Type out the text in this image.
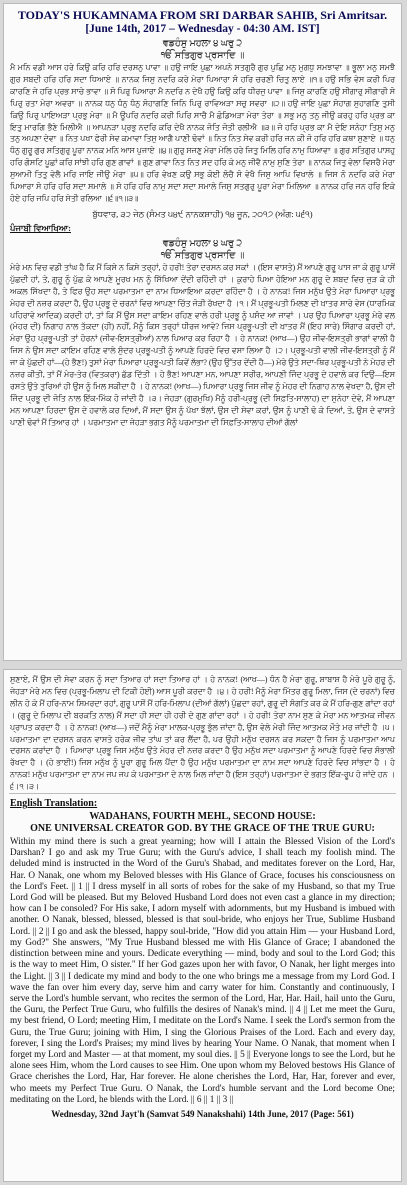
TODAY'S HUKAMNAMA FROM SRI DARBAR SAHIB, Sri Amritsar.
[June 14th, 2017 – Wednesday - 04:30 AM. IST]
ਵਡਹੰਸੁ ਮਹਲਾ ੪ ਘਰੁ ੨
ੴ ਸਤਿਗੁਰ ਪ੍ਰਸਾਦਿ ॥
ਮੈ ਮਨਿ ਵਡੀ ਆਸ ਹਰੇ ਕਿਉ ਕਰਿ ਹਰਿ ਦਰਸਨੁ ਪਾਵਾ ॥ ਹਉ ਜਾਇ ਪੁਛਾ ਅਪਨੇ ਸਤਗੁਰੈ ਗੁਰ ਪੁਛਿ ਮਨੁ ਮੁਗਧੁ ਸਮਝਾਵਾ ॥ ਭੂਲਾ ਮਨੁ ਸਮਝੈ ਗੁਰ ਸਬਦੀ ਹਰਿ ਹਰਿ ਸਦਾ ਧਿਆਏ ॥ ਨਾਨਕ ਜਿਸੁ ਨਦਰਿ ਕਰੇ ਮੇਰਾ ਪਿਆਰਾ ਸੋ ਹਰਿ ਚਰਣੀ ਚਿਤੁ ਲਾਏ ॥੧॥ ਹਉ ਸਭਿ ਵੇਸ ਕਰੀ ਪਿਰ ਕਾਰਣਿ ਜੇ ਹਰਿ ਪ੍ਰਭ ਸਾਚੇ ਭਾਵਾ ॥ ਸੋ ਪਿਰੁ ਪਿਆਰਾ ਮੈ ਨਦਰਿ ਨ ਦੇਖੈ ਹਉ ਕਿਉ ਕਰਿ ਧੀਰਜੁ ਪਾਵਾ ॥ ਜਿਸੁ ਕਾਰਣਿ ਹਉ ਸੀਗਾਰੁ ਸੀਗਾਰੀ ਸੋ ਪਿਰੁ ਰਤਾ ਮੇਰਾ ਅਵਰਾ ॥ ਨਾਨਕ ਧਨੁ ਧੰਨੁ ਧੰਨੁ ਸੋਹਾਗਣਿ ਜਿਨਿ ਪਿਰੁ ਰਾਵਿਅੜਾ ਸਚੁ ਸਵਰਾ ॥੨॥ ਹਉ ਜਾਇ ਪੁਛਾ ਸੋਹਾਗ ਸੁਹਾਗਣਿ ਤੁਸੀ ਕਿਉ ਪਿਰੁ ਪਾਇਅੜਾ ਪ੍ਰਭੁ ਮੇਰਾ ॥ ਮੈ ਊਪਰਿ ਨਦਰਿ ਕਰੀ ਪਿਰਿ ਸਾਚੈ ਮੈ ਛੋਡਿਅੜਾ ਮੇਰਾ ਤੇਰਾ ॥ ਸਭੁ ਮਨੁ ਤਨੁ ਜੀਉ ਕਰਹੁ ਹਰਿ ਪ੍ਰਭ ਕਾ ਇਤੁ ਮਾਰਗਿ ਭੈਣੇ ਮਿਲੀਐ ॥ ਆਪਨੜਾ ਪ੍ਰਭੁ ਨਦਰਿ ਕਰਿ ਦੇਖੈ ਨਾਨਕ ਜੋਤਿ ਜੋਤੀ ਰਲੀਐ ॥੩॥ ਜੋ ਹਰਿ ਪ੍ਰਭ ਕਾ ਮੈ ਦੇਇ ਸਨੇਹਾ ਤਿਸੁ ਮਨੁ ਤਨੁ ਅਪਣਾ ਦੇਵਾ ॥ ਨਿਤ ਪਖਾ ਫੇਰੀ ਸੇਵ ਕਮਾਵਾ ਤਿਸੁ ਆਗੈ ਪਾਣੀ ਢੋਵਾਂ ॥ ਨਿਤ ਨਿਤ ਸੇਵ ਕਰੀ ਹਰਿ ਜਨ ਕੀ ਜੋ ਹਰਿ ਹਰਿ ਕਥਾ ਸੁਣਾਏ ॥ ਧਨੁ ਧੰਨੁ ਗੁਰੂ ਗੁਰ ਸਤਿਗੁਰੁ ਪੂਰਾ ਨਾਨਕ ਮਨਿ ਆਸ ਪੁਜਾਏ ॥੪॥ ਗੁਰੁ ਸਜਣੁ ਮੇਰਾ ਮੇਲਿ ਹਰੇ ਜਿਤੁ ਮਿਲਿ ਹਰਿ ਨਾਮੁ ਧਿਆਵਾ ॥ ਗੁਰ ਸਤਿਗੁਰ ਪਾਸਹੁ ਹਰਿ ਗੋਸਟਿ ਪੂਛਾਂ ਕਰਿ ਸਾਂਝੀ ਹਰਿ ਗੁਣ ਗਾਵਾਂ ॥ ਗੁਣ ਗਾਵਾ ਨਿਤ ਨਿਤ ਸਦ ਹਰਿ ਕੇ ਮਨੁ ਜੀਵੈ ਨਾਮੁ ਸੁਣਿ ਤੇਰਾ ॥ ਨਾਨਕ ਜਿਤੁ ਵੇਲਾ ਵਿਸਰੈ ਮੇਰਾ ਸੁਆਮੀ ਤਿਤੁ ਵੇਲੈ ਮਰਿ ਜਾਇ ਜੀਉ ਮੇਰਾ ॥੫॥ ਹਰਿ ਵੇਖਣ ਕਉ ਸਭੁ ਕੋਈ ਲੋਚੈ ਸੋ ਵੇਖੈ ਜਿਸੁ ਆਪਿ ਵਿਖਾਲੇ ॥ ਜਿਸ ਨੋ ਨਦਰਿ ਕਰੇ ਮੇਰਾ ਪਿਆਰਾ ਸੋ ਹਰਿ ਹਰਿ ਸਦਾ ਸਮਾਲੇ ॥ ਸੋ ਹਰਿ ਹਰਿ ਨਾਮੁ ਸਦਾ ਸਦਾ ਸਮਾਲੇ ਜਿਸੁ ਸਤਗੁਰੁ ਪੂਰਾ ਮੇਰਾ ਮਿਲਿਆ ॥ ਨਾਨਕ ਹਰਿ ਜਨ ਹਰਿ ਇਕੇ ਹੋਏ ਹਰਿ ਜਪਿ ਹਰਿ ਸੇਤੀ ਰਲਿਆ ॥੬॥੧॥੩॥
ਬੁੱਧਵਾਰ, ੩੨ ਜੇਠ (ਸੰਮਤ ੫੪੯ ਨਾਨਕਸ਼ਾਹੀ) ੧੪ ਜੂਨ, ੨੦੧੭ (ਅੰਗ: ੫੬੧)
ਪੰਜਾਬੀ ਵਿਆਖਿਆ:
ਵਡਹੰਸੁ ਮਹਲਾ ੪ ਘਰੁ ੨
ੴ ਸਤਿਗੁਰ ਪ੍ਰਸਾਦਿ ॥
ਮੇਰੇ ਮਨ ਵਿਚ ਵਡੀ ਤਾਂਘ ਹੈ ਕਿ ਮੈਂ ਕਿਸੇ ਨ ਕਿਸੇ ਤਰ੍ਹਾਂ, ਹੇ ਹਰੀ! ਤੇਰਾ ਦਰਸਨ ਕਰ ਸਕਾਂ । (ਇਸ ਵਾਸਤੇ) ਮੈਂ ਆਪਣੇ ਗੁਰੂ ਪਾਸ ਜਾ ਕੇ ਗੁਰੂ ਪਾਸੋਂ ਪੁੱਛਦੀ ਹਾਂ, ਤੇ, ਗੁਰੂ ਨੂੰ ਪੁੱਛ ਕੇ ਆਪਣੇ ਮੂਰਖ ਮਨ ਨੂੰ ਸਿੱਖਿਆ ਦੇਂਦੀ ਰਹਿੰਦੀ ਹਾਂ । ਕੁਰਾਹੇ ਪਿਆ ਹੋਇਆ ਮਨ ਗੁਰੂ ਦੇ ਸ਼ਬਦ ਵਿਚ ਜੁੜ ਕੇ ਹੀ ਅਕਲ ਸਿੱਖਦਾ ਹੈ, ਤੇ ਫਿਰ ਉਹ ਸਦਾ ਪਰਮਾਤਮਾ ਦਾ ਨਾਮ ਧਿਆਇਆ ਕਰਦਾ ਰਹਿੰਦਾ ਹੈ । ਹੇ ਨਾਨਕ! ਜਿਸ ਮਨੁੱਖ ਉਤੇ ਮੇਰਾ ਪਿਆਰਾ ਪ੍ਰਭੂ ਮੇਹਰ ਦੀ ਨਜ਼ਰ ਕਰਦਾ ਹੈ, ਉਹ ਪ੍ਰਭੂ ਦੇ ਚਰਨਾਂ ਵਿਚ ਆਪਣਾ ਚਿੱਤ ਜੋੜੀ ਰੱਖਦਾ ਹੈ ।੧। ਮੈਂ ਪ੍ਰਭੂ-ਪਤੀ ਮਿਲਣ ਦੀ ਖ਼ਾਤਰ ਸਾਰੇ ਵੇਸ (ਧਾਰਮਿਕ ਪਹਿਰਾਵੇ ਆਦਿਕ) ਕਰਦੀ ਹਾਂ, ਤਾਂ ਕਿ ਮੈਂ ਉਸ ਸਦਾ ਕਾਇਮ ਰਹਿਣ ਵਾਲੇ ਹਰੀ ਪ੍ਰਭੂ ਨੂੰ ਪਸੰਦ ਆ ਜਾਵਾਂ । ਪਰ ਉਹ ਪਿਆਰਾ ਪ੍ਰਭੂ ਮੇਰੇ ਵਲ (ਮੇਹਰ ਦੀ) ਨਿਗਾਹ ਨਾਲ ਤੱਕਦਾ (ਹੀ) ਨਹੀਂ, ਮੈਨੂੰ ਕਿਸ ਤਰ੍ਹਾਂ ਧੀਰਜ ਆਵੇ? ਜਿਸ ਪ੍ਰਭੂ-ਪਤੀ ਦੀ ਖ਼ਾਤਰ ਮੈਂ (ਇਹ ਸਾਰੇ) ਸਿੰਗਾਰ ਕਰਦੀ ਹਾਂ, ਮੇਰਾ ਉਹ ਪ੍ਰਭੂ-ਪਤੀ ਤਾਂ ਹੋਰਨਾਂ (ਜੀਵ-ਇਸਤ੍ਰੀਆਂ) ਨਾਲ ਪਿਆਰ ਕਰ ਰਿਹਾ ਹੈ । ਹੇ ਨਾਨਕ! (ਆਖ—) ਉਹ ਜੀਵ-ਇਸਤ੍ਰੀ ਭਾਗਾਂ ਵਾਲੀ ਹੈ ਜਿਸ ਨੇ ਉਸ ਸਦਾ ਕਾਇਮ ਰਹਿਣ ਵਾਲੇ ਸੁੰਦਰ ਪ੍ਰਭੂ-ਪਤੀ ਨੂੰ ਆਪਣੇ ਹਿਰਦੇ ਵਿਚ ਵਸਾ ਲਿਆ ਹੈ ।੨। ਪ੍ਰਭੂ-ਪਤੀ ਵਾਲੀ ਜੀਵ-ਇਸਤ੍ਰੀ ਨੂੰ ਮੈਂ ਜਾ ਕੇ ਪੁੱਛਦੀ ਹਾਂ—(ਹੇ ਭੈਣ!) ਤੁਸਾਂ ਮੇਰਾ ਪਿਆਰਾ ਪ੍ਰਭੂ-ਪਤੀ ਕਿਵੇਂ ਲੱਭਾ? (ਉਹ ਉੱਤਰ ਦੇਂਦੀ ਹੈ—) ਮੇਰੇ ਉਤੇ ਸਦਾ-ਥਿਰ ਪ੍ਰਭੂ-ਪਤੀ ਨੇ ਮੇਹਰ ਦੀ ਨਜ਼ਰ ਕੀਤੀ, ਤਾਂ ਮੈਂ ਮੇਰ-ਤੇਰ (ਵਿਤਕਰਾ) ਛੱਡ ਦਿੱਤੀ । ਹੇ ਭੈਣ! ਆਪਣਾ ਮਨ, ਆਪਣਾ ਸਰੀਰ, ਆਪਣੀ ਜਿੰਦ ਪ੍ਰਭੂ ਦੇ ਹਵਾਲੇ ਕਰ ਦਿਉ—ਇਸ ਰਸਤੇ ਉਤੇ ਤੁਰਿਆਂ ਹੀ ਉਸ ਨੂੰ ਮਿਲ ਸਕੀਦਾ ਹੈ । ਹੇ ਨਾਨਕ! (ਆਖ—) ਪਿਆਰਾ ਪ੍ਰਭੂ ਜਿਸ ਜੀਵ ਨੂੰ ਮੇਹਰ ਦੀ ਨਿਗਾਹ ਨਾਲ ਵੇਖਦਾ ਹੈ, ਉਸ ਦੀ ਜਿੰਦ ਪ੍ਰਭੂ ਦੀ ਜੋਤਿ ਨਾਲ ਇੱਕ-ਮਿੱਕ ਹੋ ਜਾਂਦੀ ਹੈ ।੩। ਜੇਹੜਾ (ਗੁਰਮੁਖਿ) ਮੈਨੂੰ ਹਰੀ-ਪ੍ਰਭੂ (ਦੀ ਸਿਫ਼ਤਿ-ਸਾਲਾਹ) ਦਾ ਸੁਨੇਹਾ ਦੇਵੇ, ਮੈਂ ਆਪਣਾ ਮਨ ਆਪਣਾ ਹਿਰਦਾ ਉਸ ਦੇ ਹਵਾਲੇ ਕਰ ਦਿਆਂ, ਮੈਂ ਸਦਾ ਉਸ ਨੂੰ ਪੱਖਾ ਝੱਲਾਂ, ਉਸ ਦੀ ਸੇਵਾ ਕਰਾਂ, ਉਸ ਨੂੰ ਪਾਣੀ ਢੋ ਕੇ ਦਿਆਂ, ਤੇ, ਉਸ ਦੇ ਵਾਸਤੇ ਪਾਣੀ ਢੋਵਾਂ ਮੈਂ ਤਿਆਰ ਹਾਂ । ਪਰਮਾਤਮਾ ਦਾ ਜੇਹੜਾ ਭਗਤ ਮੈਨੂੰ ਪਰਮਾਤਮਾ ਦੀ ਸਿਫ਼ਤਿ-ਸਾਲਾਹ ਦੀਆਂ ਗੱਲਾਂ
ਸੁਣਾਏ, ਮੈਂ ਉਸ ਦੀ ਸੇਵਾ ਕਰਨ ਨੂੰ ਸਦਾ ਤਿਆਰ ਹਾਂ ਸਦਾ ਤਿਆਰ ਹਾਂ । ਹੇ ਨਾਨਕ! (ਆਖ—) ਧੰਨ ਹੈ ਮੇਰਾ ਗੁਰੂ, ਸ਼ਾਬਾਸ਼ ਹੈ ਮੇਰੇ ਪੂਰੇ ਗੁਰੂ ਨੂੰ, ਜੇਹੜਾ ਮੇਰੇ ਮਨ ਵਿਚ (ਪ੍ਰਭੂ-ਮਿਲਾਪ ਦੀ ਟਿਕੀ ਹੋਈ) ਆਸ ਪੂਰੀ ਕਰਦਾ ਹੈ ।੪। ਹੇ ਹਰੀ! ਮੈਨੂੰ ਮੇਰਾ ਮਿੱਤਰ ਗੁਰੂ ਮਿਲਾ, ਜਿਸ (ਦੇ ਚਰਨਾਂ) ਵਿਚ ਲੀਨ ਹੋ ਕੇ ਮੈਂ ਹਰਿ-ਨਾਮ ਸਿਮਰਦਾ ਰਹਾਂ, ਗੁਰੂ ਪਾਸੋਂ ਮੈਂ ਹਰਿ-ਮਿਲਾਪ (ਦੀਆਂ ਗੱਲਾਂ) ਪੁੱਛਦਾ ਰਹਾਂ, ਗੁਰੂ ਦੀ ਸੰਗਤਿ ਕਰ ਕੇ ਮੈਂ ਹਰਿ-ਗੁਣ ਗਾਂਦਾ ਰਹਾਂ । (ਗੁਰੂ ਦੇ ਮਿਲਾਪ ਦੀ ਬਰਕਤਿ ਨਾਲ) ਮੈਂ ਸਦਾ ਹੀ ਸਦਾ ਹੀ ਹਰੀ ਦੇ ਗੁਣ ਗਾਂਦਾ ਰਹਾਂ । ਹੇ ਹਰੀ! ਤੇਰਾ ਨਾਮ ਸੁਣ ਕੇ ਮੇਰਾ ਮਨ ਆਤਮਕ ਜੀਵਨ ਪ੍ਰਾਪਤ ਕਰਦਾ ਹੈ । ਹੇ ਨਾਨਕ! (ਆਖ—) ਜਦੋਂ ਮੈਨੂੰ ਮੇਰਾ ਮਾਲਕ-ਪ੍ਰਭੂ ਭੁੱਲ ਜਾਂਦਾ ਹੈ, ਉਸ ਵੇਲੇ ਮੇਰੀ ਜਿੰਦ ਆਤਮਕ ਮੌਤੇ ਮਰ ਜਾਂਦੀ ਹੈ ।੫। ਪਰਮਾਤਮਾ ਦਾ ਦਰਸਨ ਕਰਨ ਵਾਸਤੇ ਹਰੇਕ ਜੀਵ ਤਾਂਘ ਤਾਂ ਕਰ ਲੈਂਦਾ ਹੈ, ਪਰ ਉਹੀ ਮਨੁੱਖ ਦਰਸਨ ਕਰ ਸਕਦਾ ਹੈ ਜਿਸ ਨੂੰ ਪਰਮਾਤਮਾ ਆਪ ਦਰਸਨ ਕਰਾਂਦਾ ਹੈ । ਪਿਆਰਾ ਪ੍ਰਭੂ ਜਿਸ ਮਨੁੱਖ ਉਤੇ ਮੇਹਰ ਦੀ ਨਜ਼ਰ ਕਰਦਾ ਹੈ ਉਹ ਮਨੁੱਖ ਸਦਾ ਪਰਮਾਤਮਾ ਨੂੰ ਆਪਣੇ ਹਿਰਦੇ ਵਿਚ ਸੰਭਾਲੀ ਰੱਖਦਾ ਹੈ । (ਹੇ ਭਾਈ!) ਜਿਸ ਮਨੁੱਖ ਨੂੰ ਪੂਰਾ ਗੁਰੂ ਮਿਲ ਪੈਂਦਾ ਹੈ ਉਹ ਮਨੁੱਖ ਪਰਮਾਤਮਾ ਦਾ ਨਾਮ ਸਦਾ ਆਪਣੇ ਹਿਰਦੇ ਵਿਚ ਸਾਂਭਦਾ ਹੈ । ਹੇ ਨਾਨਕ! ਮਨੁੱਖ ਪਰਮਾਤਮਾ ਦਾ ਨਾਮ ਜਪ ਜਪ ਕੇ ਪਰਮਾਤਮਾ ਦੇ ਨਾਲ ਮਿਲ ਜਾਂਦਾ ਹੈ (ਇਸ ਤਰ੍ਹਾਂ) ਪਰਮਾਤਮਾ ਦੇ ਭਗਤ ਇੱਕ-ਰੂਪ ਹੋ ਜਾਂਦੇ ਹਨ ।੬।੧।੩।
English Translation:
WADAHANS, FOURTH MEHL, SECOND HOUSE:
ONE UNIVERSAL CREATOR GOD. BY THE GRACE OF THE TRUE GURU:
Within my mind there is such a great yearning; how will I attain the Blessed Vision of the Lord's Darshan? I go and ask my True Guru; with the Guru's advice, I shall teach my foolish mind. The deluded mind is instructed in the Word of the Guru's Shabad, and meditates forever on the Lord, Har, Har. O Nanak, one whom my Beloved blesses with His Glance of Grace, focuses his consciousness on the Lord's Feet. || 1 || I dress myself in all sorts of robes for the sake of my Husband, so that my True Lord God will be pleased. But my Beloved Husband Lord does not even cast a glance in my direction; how can I be consoled? For His sake, I adorn myself with adornments, but my Husband is imbued with another. O Nanak, blessed, blessed, blessed is that soul-bride, who enjoys her True, Sublime Husband Lord. || 2 || I go and ask the blessed, happy soul-bride, "How did you attain Him — your Husband Lord, my God?" She answers, "My True Husband blessed me with His Glance of Grace; I abandoned the distinction between mine and yours. Dedicate everything — mind, body and soul to the Lord God; this is the way to meet Him, O sister." If her God gazes upon her with favor, O Nanak, her light merges into the Light. || 3 || I dedicate my mind and body to the one who brings me a message from my Lord God. I wave the fan over him every day, serve him and carry water for him. Constantly and continuously, I serve the Lord's humble servant, who recites the sermon of the Lord, Har, Har. Hail, hail unto the Guru, the Guru, the Perfect True Guru, who fulfills the desires of Nanak's mind. || 4 || Let me meet the Guru, my best friend, O Lord; meeting Him, I meditate on the Lord's Name. I seek the Lord's sermon from the Guru, the True Guru; joining with Him, I sing the Glorious Praises of the Lord. Each and every day, forever, I sing the Lord's Praises; my mind lives by hearing Your Name. O Nanak, that moment when I forget my Lord and Master — at that moment, my soul dies. || 5 || Everyone longs to see the Lord, but he alone sees Him, whom the Lord causes to see Him. One upon whom my Beloved bestows His Glance of Grace cherishes the Lord, Har, Har forever. He alone cherishes the Lord, Har, Har, forever and ever, who meets my Perfect True Guru. O Nanak, the Lord's humble servant and the Lord become One; meditating on the Lord, he blends with the Lord. || 6 || 1 || 3 ||
Wednesday, 32nd Jayt'h (Samvat 549 Nanakshahi) 14th June, 2017 (Page: 561)
